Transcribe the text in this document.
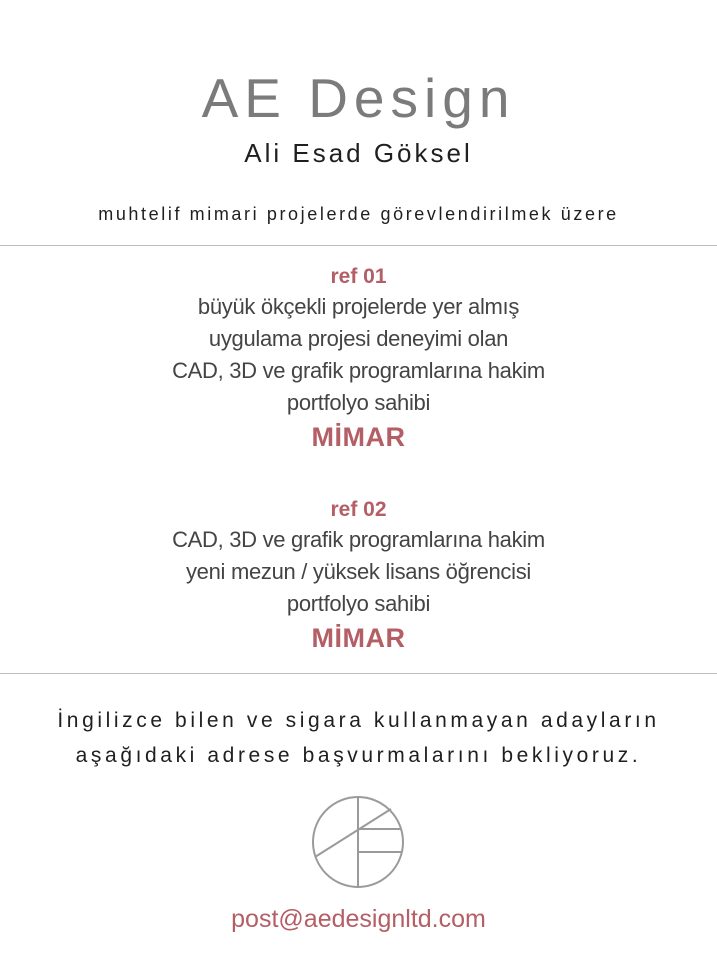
AE Design
Ali Esad Göksel
muhtelif mimari projelerde görevlendirilmek üzere
ref 01
büyük ökçekli projelerde yer almış
uygulama projesi deneyimi olan
CAD, 3D ve grafik programlarına hakim
portfolyo sahibi
MİMAR
ref 02
CAD, 3D ve grafik programlarına hakim
yeni mezun / yüksek lisans öğrencisi
portfolyo sahibi
MİMAR
İngilizce bilen ve sigara kullanmayan adayların
aşağıdaki adrese başvurmalarını bekliyoruz.
post@aedesignltd.com
